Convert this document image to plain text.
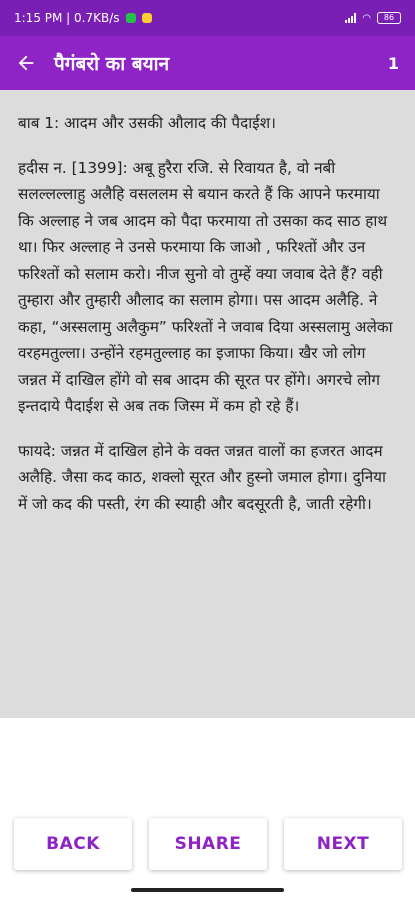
1:15 PM | 0.7KB/s	◠	86
पैगंबरो का बयान	1

बाब 1: आदम और उसकी औलाद की पैदाईश।

हदीस न. [1399]: अबू हुरैरा रजि. से रिवायत है, वो नबी सलल्लल्लाहु अलैहि वसललम से बयान करते हैं कि आपने फरमाया कि अल्लाह ने जब आदम को पैदा फरमाया तो उसका कद साठ हाथ था। फिर अल्लाह ने उनसे फरमाया कि जाओ , फरिश्तों और उन फरिश्तों को सलाम करो। नीज सुनो वो तुम्हें क्या जवाब देते हैं? वही तुम्हारा और तुम्हारी औलाद का सलाम होगा। पस आदम अलैहि. ने कहा, “अस्सलामु अलैकुम” फरिश्तों ने जवाब दिया अस्सलामु अलेका वरहमतुल्ला। उन्होंने रहमतुल्लाह का इजाफा किया। खैर जो लोग जन्नत में दाखिल होंगे वो सब आदम की सूरत पर होंगे। अगरचे लोग इन्तदाये पैदाईश से अब तक जिस्म में कम हो रहे हैं।

फायदे: जन्नत में दाखिल होने के वक्त जन्नत वालों का हजरत आदम अलैहि. जैसा कद काठ, शक्लो सूरत और हुस्नो जमाल होगा। दुनिया में जो कद की पस्ती, रंग की स्याही और बदसूरती है, जाती रहेगी।

BACK	SHARE	NEXT
